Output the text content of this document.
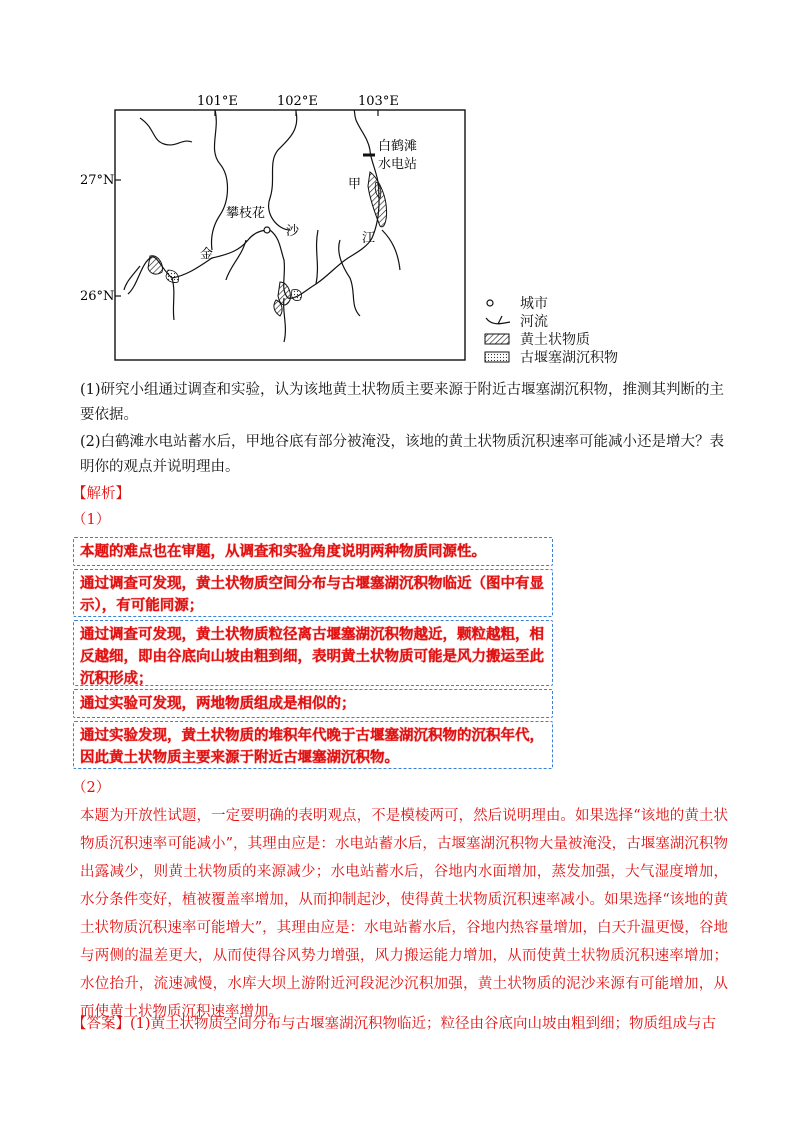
101°E	102°E	103°E
27°N
26°N
白鹤滩
水电站
甲
攀枝花
金
沙	江
城市
河流
黄土状物质
古堰塞湖沉积物
(1)研究小组通过调查和实验，认为该地黄土状物质主要来源于附近古堰塞湖沉积物，推测其判断的主要依据。
(2)白鹤滩水电站蓄水后，甲地谷底有部分被淹没，该地的黄土状物质沉积速率可能减小还是增大？表明你的观点并说明理由。
【解析】
（1）
本题的难点也在审题，从调查和实验角度说明两种物质同源性。
通过调查可发现，黄土状物质空间分布与古堰塞湖沉积物临近（图中有显示），有可能同源；
通过调查可发现，黄土状物质粒径离古堰塞湖沉积物越近，颗粒越粗，相反越细，即由谷底向山坡由粗到细，表明黄土状物质可能是风力搬运至此沉积形成；
通过实验可发现，两地物质组成是相似的；
通过实验发现，黄土状物质的堆积年代晚于古堰塞湖沉积物的沉积年代，因此黄土状物质主要来源于附近古堰塞湖沉积物。
（2）
本题为开放性试题，一定要明确的表明观点，不是模棱两可，然后说明理由。如果选择“该地的黄土状物质沉积速率可能减小”，其理由应是：水电站蓄水后，古堰塞湖沉积物大量被淹没，古堰塞湖沉积物出露减少，则黄土状物质的来源减少；水电站蓄水后，谷地内水面增加，蒸发加强，大气湿度增加，水分条件变好，植被覆盖率增加，从而抑制起沙，使得黄土状物质沉积速率减小。如果选择“该地的黄土状物质沉积速率可能增大”，其理由应是：水电站蓄水后，谷地内热容量增加，白天升温更慢，谷地与两侧的温差更大，从而使得谷风势力增强，风力搬运能力增加，从而使黄土状物质沉积速率增加；水位抬升，流速减慢，水库大坝上游附近河段泥沙沉积加强，黄土状物质的泥沙来源有可能增加，从而使黄土状物质沉积速率增加。
【答案】(1)黄土状物质空间分布与古堰塞湖沉积物临近；粒径由谷底向山坡由粗到细；物质组成与古
